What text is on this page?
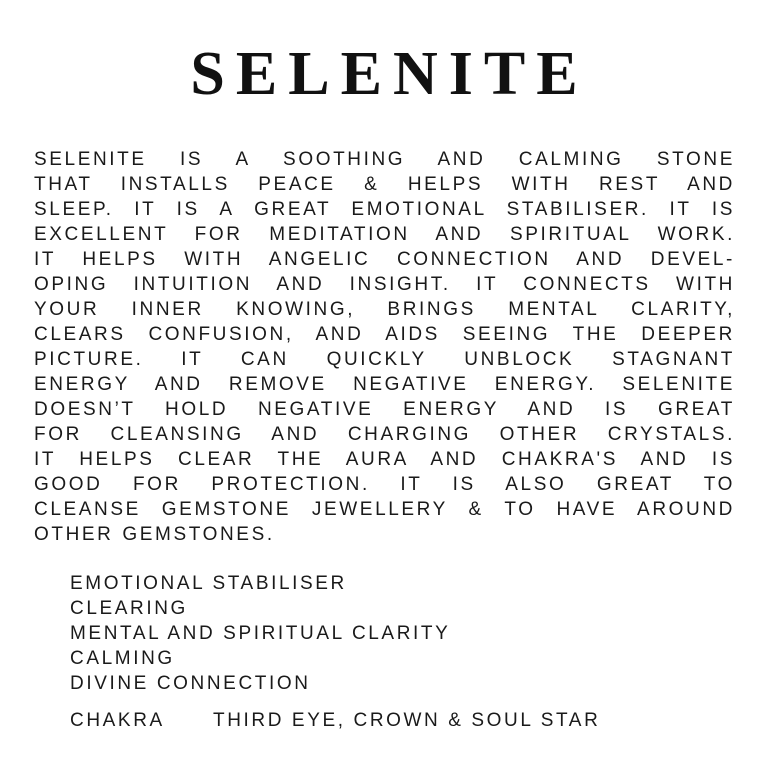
SELENITE
SELENITE IS A SOOTHING AND CALMING STONE
THAT INSTALLS PEACE & HELPS WITH REST AND
SLEEP. IT IS A GREAT EMOTIONAL STABILISER. IT IS
EXCELLENT FOR MEDITATION AND SPIRITUAL WORK.
IT HELPS WITH ANGELIC CONNECTION AND DEVEL-
OPING INTUITION AND INSIGHT. IT CONNECTS WITH
YOUR INNER KNOWING, BRINGS MENTAL CLARITY,
CLEARS CONFUSION, AND AIDS SEEING THE DEEPER
PICTURE. IT CAN QUICKLY UNBLOCK STAGNANT
ENERGY AND REMOVE NEGATIVE ENERGY. SELENITE
DOESN’T HOLD NEGATIVE ENERGY AND IS GREAT
FOR CLEANSING AND CHARGING OTHER CRYSTALS.
IT HELPS CLEAR THE AURA AND CHAKRA'S AND IS
GOOD FOR PROTECTION. IT IS ALSO GREAT TO
CLEANSE GEMSTONE JEWELLERY & TO HAVE AROUND
OTHER GEMSTONES.
EMOTIONAL STABILISER
CLEARING
MENTAL AND SPIRITUAL CLARITY
CALMING
DIVINE CONNECTION
CHAKRA	THIRD EYE, CROWN & SOUL STAR
